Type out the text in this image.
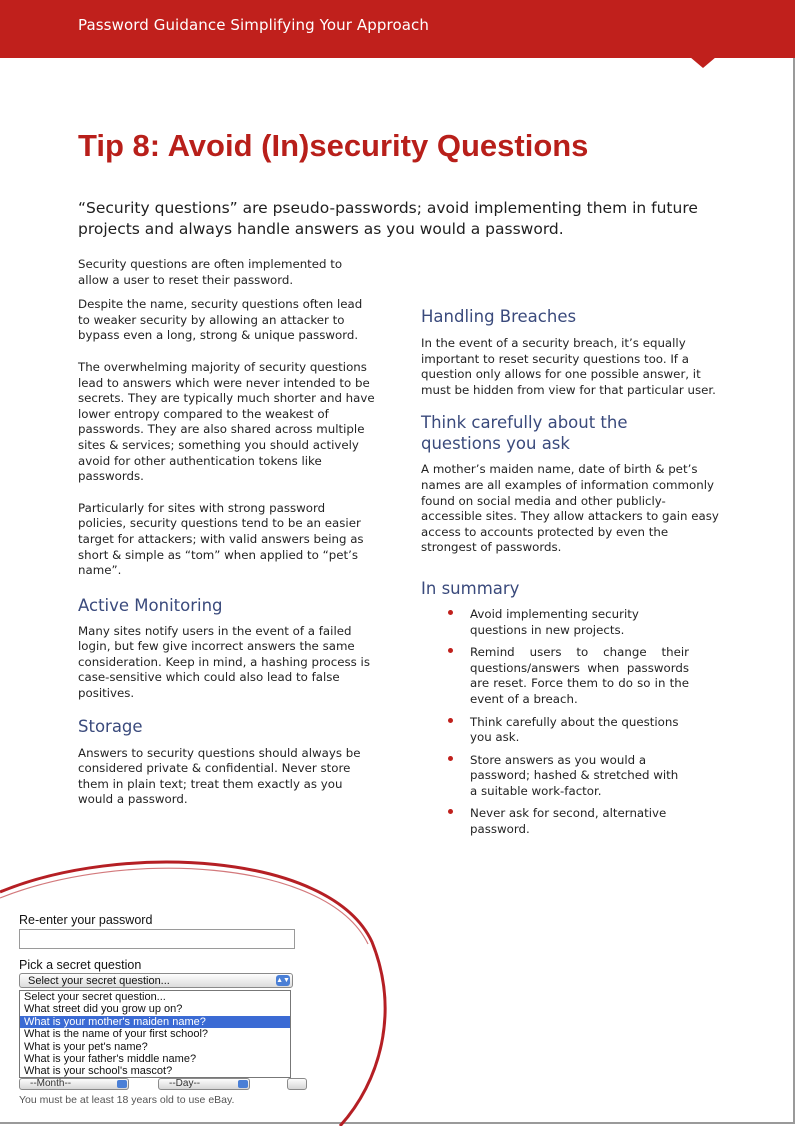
Password Guidance Simplifying Your Approach
Tip 8: Avoid (In)security Questions

“Security questions” are pseudo-passwords; avoid implementing them in future projects and always handle answers as you would a password.

Security questions are often implemented to allow a user to reset their password.

Despite the name, security questions often lead to weaker security by allowing an attacker to bypass even a long, strong & unique password.

The overwhelming majority of security questions lead to answers which were never intended to be secrets. They are typically much shorter and have lower entropy compared to the weakest of passwords. They are also shared across multiple sites & services; something you should actively avoid for other authentication tokens like passwords.

Particularly for sites with strong password policies, security questions tend to be an easier target for attackers; with valid answers being as short & simple as “tom” when applied to “pet’s name”.

Active Monitoring

Many sites notify users in the event of a failed login, but few give incorrect answers the same consideration. Keep in mind, a hashing process is case-sensitive which could also lead to false positives.

Storage

Answers to security questions should always be considered private & confidential. Never store them in plain text; treat them exactly as you would a password.

Handling Breaches

In the event of a security breach, it’s equally important to reset security questions too. If a question only allows for one possible answer, it must be hidden from view for that particular user.

Think carefully about the questions you ask

A mother’s maiden name, date of birth & pet’s names are all examples of information commonly found on social media and other publicly-accessible sites. They allow attackers to gain easy access to accounts protected by even the strongest of passwords.

In summary
Avoid implementing security questions in new projects.
Remind users to change their questions/answers when passwords are reset. Force them to do so in the event of a breach.
Think carefully about the questions you ask.
Store answers as you would a password; hashed & stretched with a suitable work-factor.
Never ask for second, alternative password.
Re-enter your password
Pick a secret question
Select your secret question...	▲▼
Select your secret question...
What street did you grow up on?
What is your mother's maiden name?
What is the name of your first school?
What is your pet's name?
What is your father's middle name?
What is your school's mascot?
--Month--	--Day--
You must be at least 18 years old to use eBay.
